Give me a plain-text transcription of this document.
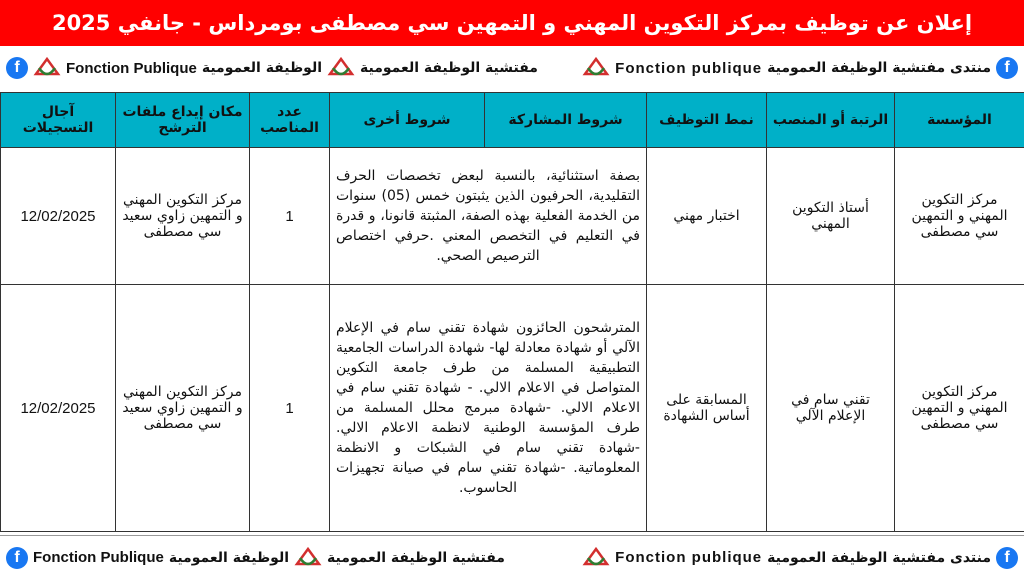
إعلان عن توظيف بمركز التكوين المهني و التمهين سي مصطفى بومرداس - جانفي 2025
f	Fonction Publique الوظيفة العمومية	مفتشية الوظيفة العمومية	Fonction publique منتدى مفتشية الوظيفة العمومية f
المؤسسة	الرتبة أو المنصب	نمط التوظيف	شروط المشاركة	شروط أخرى	عدد المناصب	مكان إيداع ملفات الترشح	آجال التسجيلات
مركز التكوين المهني و التمهين سي مصطفى	أستاذ التكوين المهني	اختبار مهني	بصفة استثنائية، بالنسبة لبعض تخصصات الحرف التقليدية، الحرفيون الذين يثبتون خمس (05) سنوات من الخدمة الفعلية بهذه الصفة، المثبتة قانونا، و قدرة في التعليم في التخصص المعني .حرفي اختصاص الترصيص الصحي.		1	مركز التكوين المهني و التمهين زاوي سعيد سي مصطفى	12/02/2025
مركز التكوين المهني و التمهين سي مصطفى	تقني سام في الإعلام الآلي	المسابقة على أساس الشهادة	المترشحون الحائزون شهادة تقني سام في الإعلام الآلي أو شهادة معادلة لها- شهادة الدراسات الجامعية التطبيقية المسلمة من طرف جامعة التكوين المتواصل في الاعلام الالي. - شهادة تقني سام في الاعلام الالي. -شهادة مبرمج محلل المسلمة من طرف المؤسسة الوطنية لانظمة الاعلام الالي. -شهادة تقني سام في الشبكات و الانظمة المعلوماتية. -شهادة تقني سام في صيانة تجهيزات الحاسوب.		1	مركز التكوين المهني و التمهين زاوي سعيد سي مصطفى	12/02/2025
f Fonction Publique الوظيفة العمومية	مفتشية الوظيفة العمومية	Fonction publique منتدى مفتشية الوظيفة العمومية f
